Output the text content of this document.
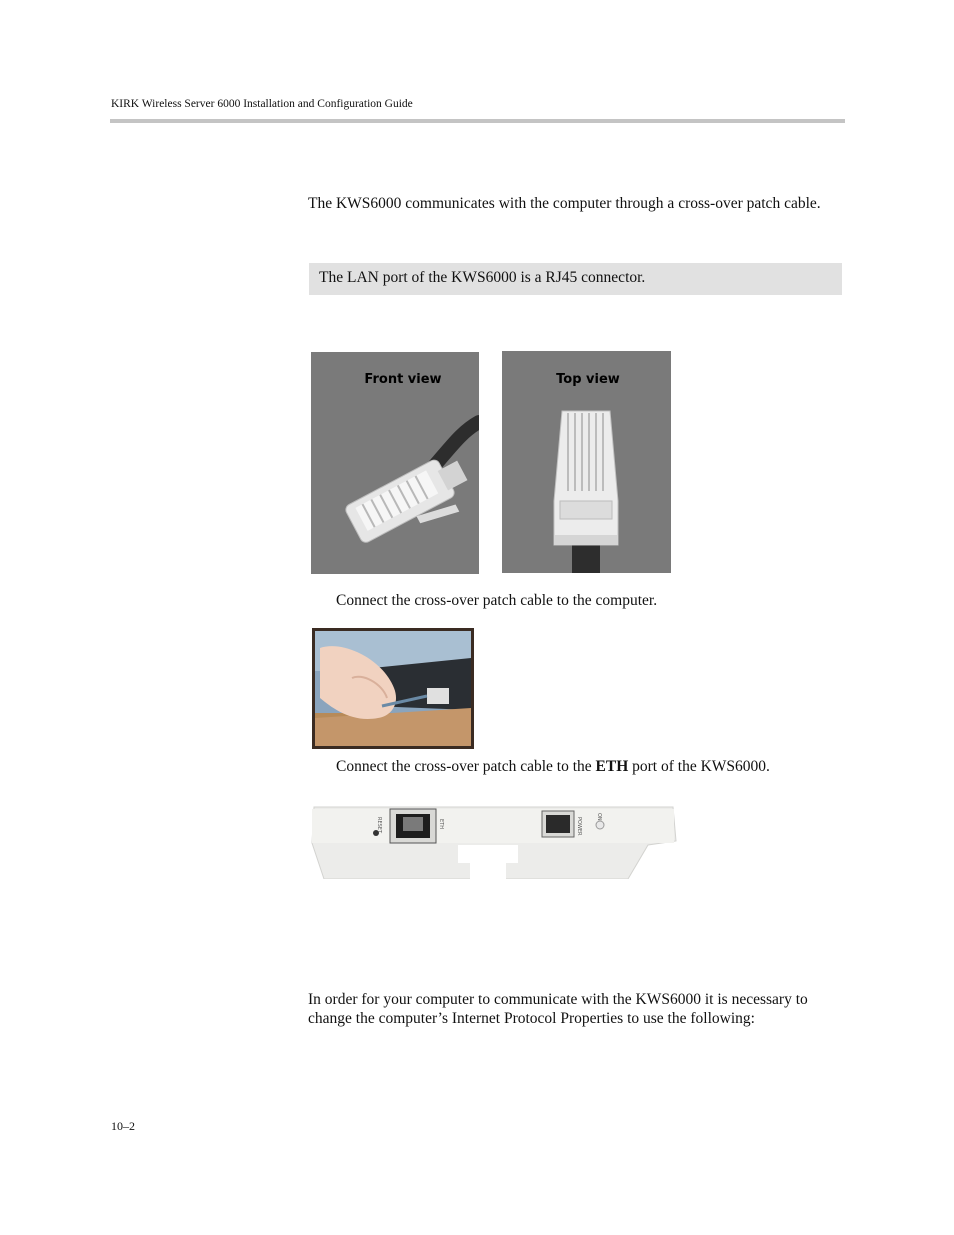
KIRK Wireless Server 6000 Installation and Configuration Guide
The KWS6000 communicates with the computer through a cross-over patch cable.
The LAN port of the KWS6000 is a RJ45 connector.
Front view	Top view
Connect the cross-over patch cable to the computer.
Connect the cross-over patch cable to the ETH port of the KWS6000.
RESET	ETH	POWER
ON
In order for your computer to communicate with the KWS6000 it is necessary to change the computer’s Internet Protocol Properties to use the following:
10–2
